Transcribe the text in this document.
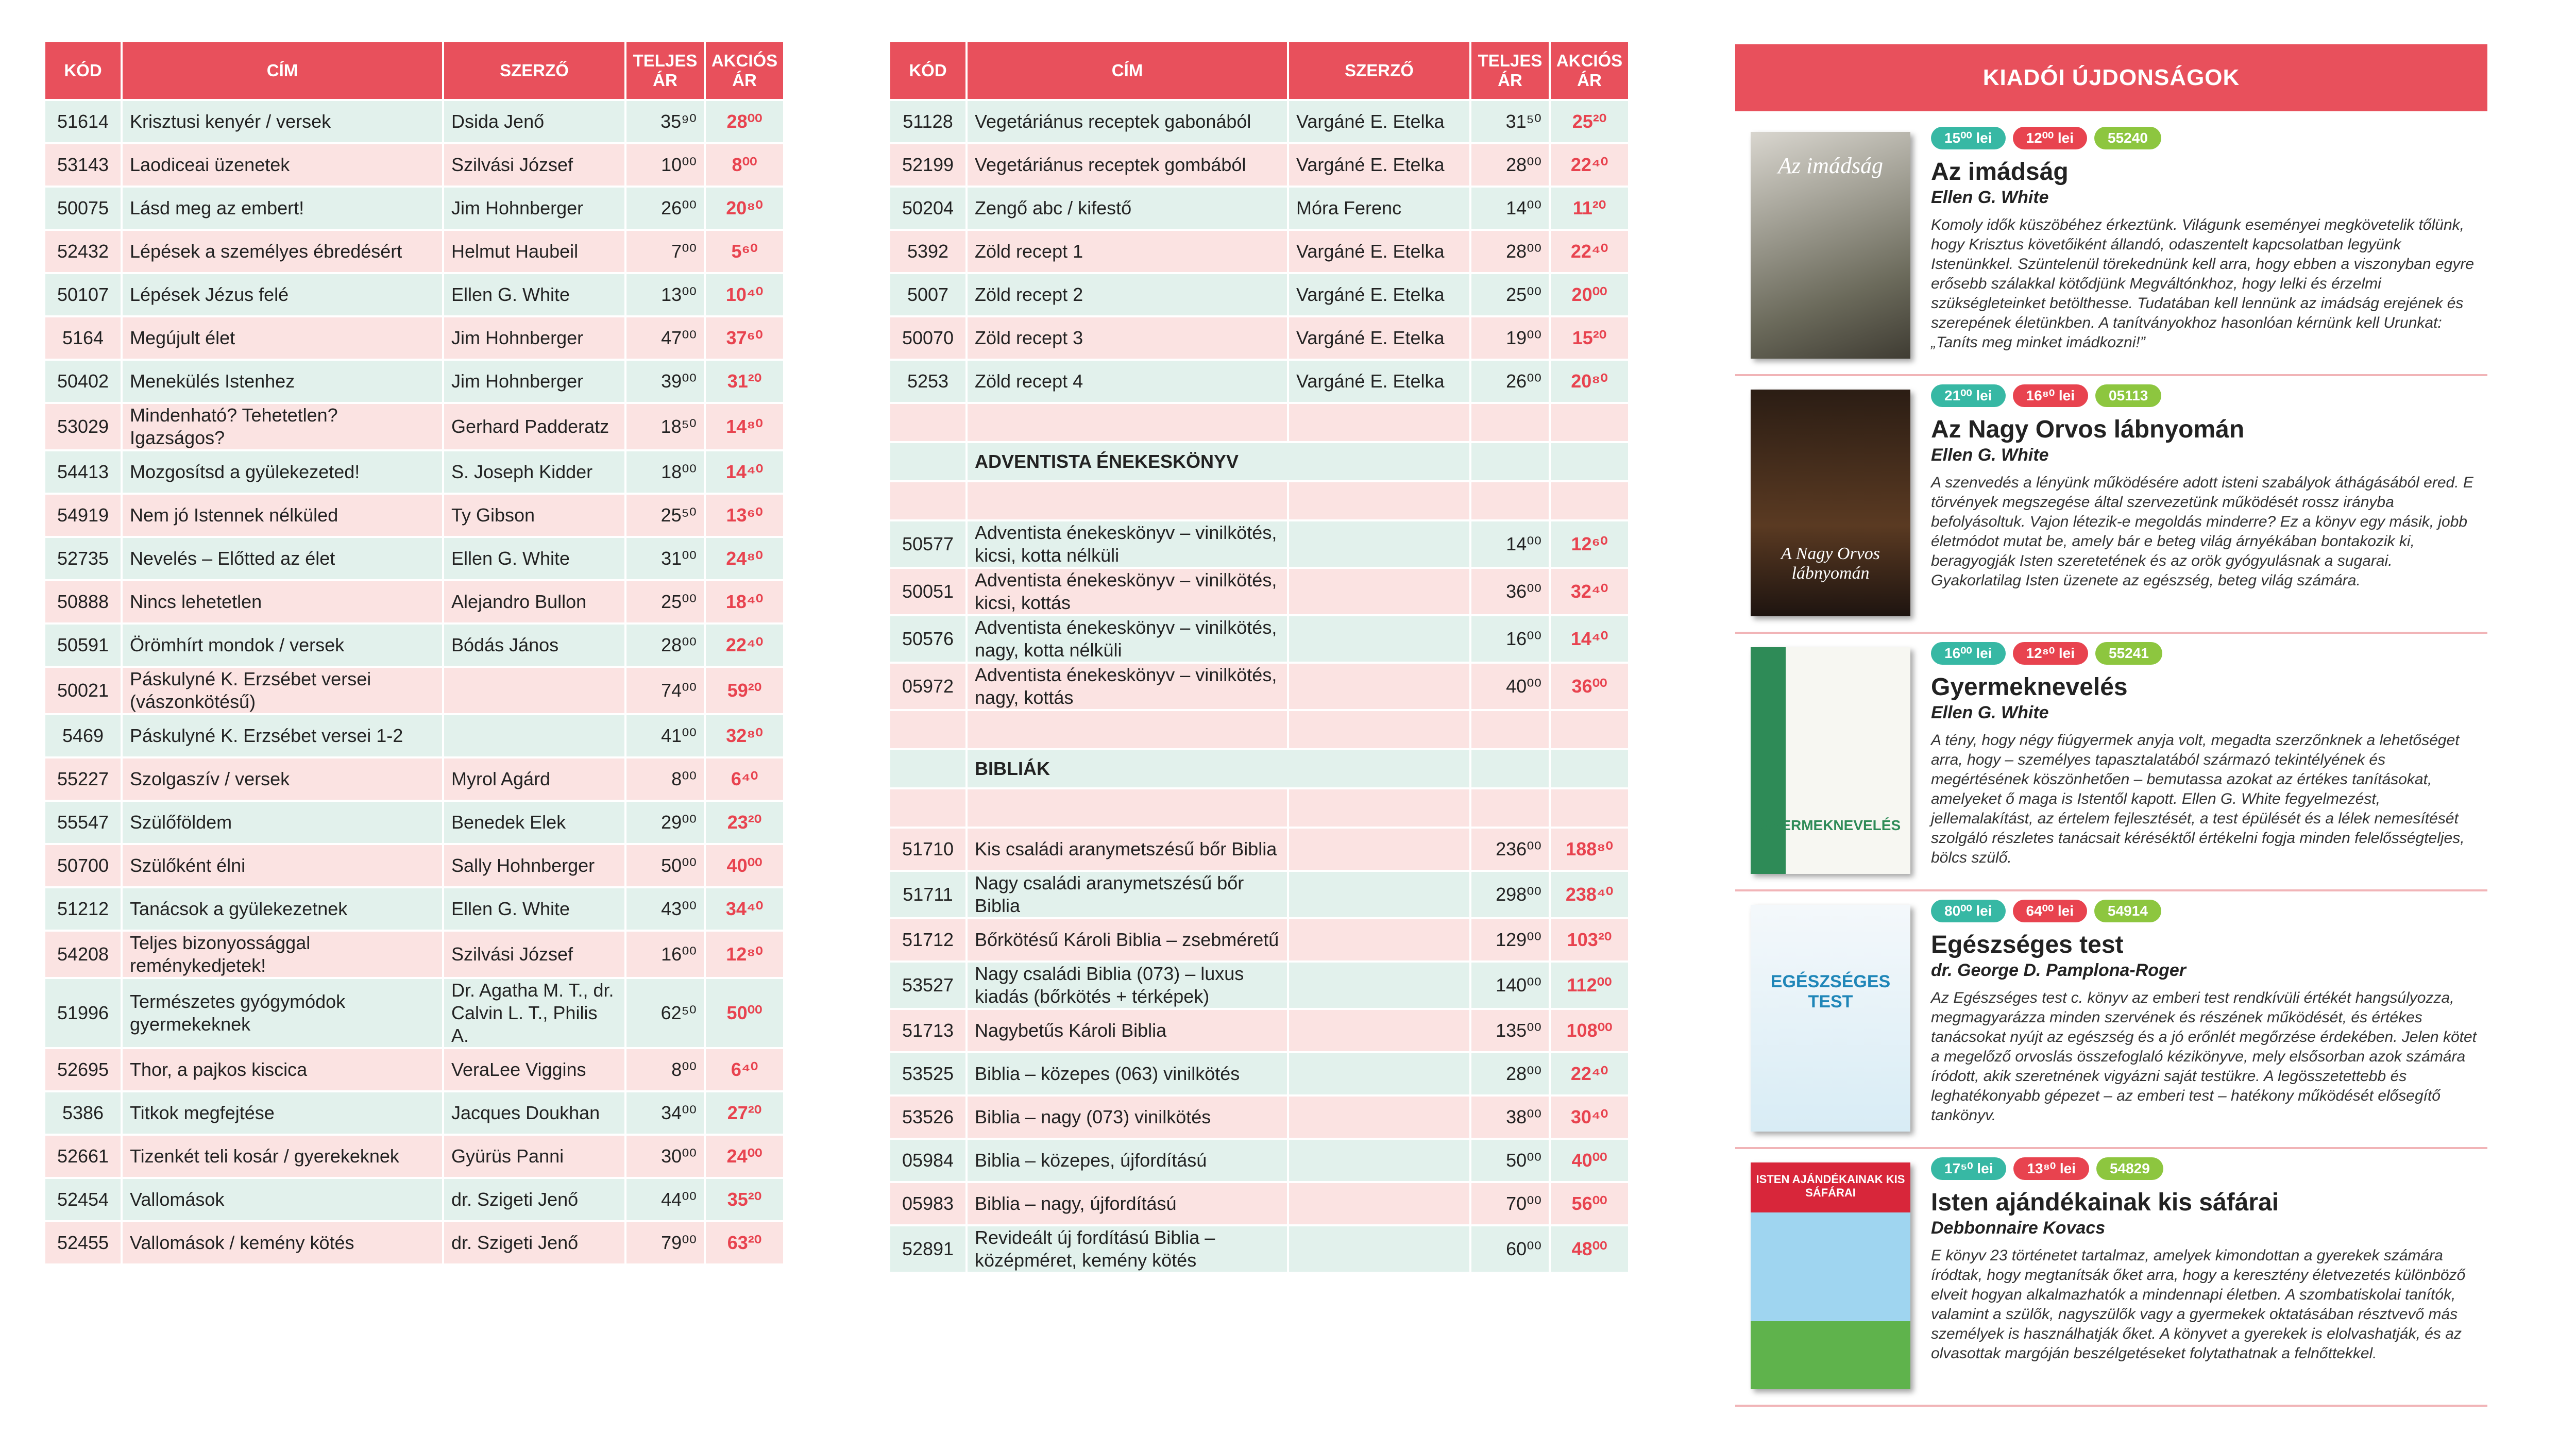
KÓD	CÍM	SZERZŐ	TELJES ÁR	AKCIÓS ÁR
51614	Krisztusi kenyér / versek	Dsida Jenő	35⁹⁰	28⁰⁰
53143	Laodiceai üzenetek	Szilvási József	10⁰⁰	8⁰⁰
50075	Lásd meg az embert!	Jim Hohnberger	26⁰⁰	20⁸⁰
52432	Lépések a személyes ébredésért	Helmut Haubeil	7⁰⁰	5⁶⁰
50107	Lépések Jézus felé	Ellen G. White	13⁰⁰	10⁴⁰
5164	Megújult élet	Jim Hohnberger	47⁰⁰	37⁶⁰
50402	Menekülés Istenhez	Jim Hohnberger	39⁰⁰	31²⁰
53029	Mindenható? Tehetetlen? Igazságos?	Gerhard Padderatz	18⁵⁰	14⁸⁰
54413	Mozgosítsd a gyülekezeted!	S. Joseph Kidder	18⁰⁰	14⁴⁰
54919	Nem jó Istennek nélküled	Ty Gibson	25⁵⁰	13⁶⁰
52735	Nevelés – Előtted az élet	Ellen G. White	31⁰⁰	24⁸⁰
50888	Nincs lehetetlen	Alejandro Bullon	25⁰⁰	18⁴⁰
50591	Örömhírt mondok / versek	Bódás János	28⁰⁰	22⁴⁰
50021	Páskulyné K. Erzsébet versei (vászonkötésű)		74⁰⁰	59²⁰
5469	Páskulyné K. Erzsébet versei 1-2		41⁰⁰	32⁸⁰
55227	Szolgaszív / versek	Myrol Agárd	8⁰⁰	6⁴⁰
55547	Szülőföldem	Benedek Elek	29⁰⁰	23²⁰
50700	Szülőként élni	Sally Hohnberger	50⁰⁰	40⁰⁰
51212	Tanácsok a gyülekezetnek	Ellen G. White	43⁰⁰	34⁴⁰
54208	Teljes bizonyossággal reménykedjetek!	Szilvási József	16⁰⁰	12⁸⁰
51996	Természetes gyógymódok gyermekeknek	Dr. Agatha M. T., dr. Calvin L. T., Philis A.	62⁵⁰	50⁰⁰
52695	Thor, a pajkos kiscica	VeraLee Viggins	8⁰⁰	6⁴⁰
5386	Titkok megfejtése	Jacques Doukhan	34⁰⁰	27²⁰
52661	Tizenkét teli kosár / gyerekeknek	Gyürüs Panni	30⁰⁰	24⁰⁰
52454	Vallomások	dr. Szigeti Jenő	44⁰⁰	35²⁰
52455	Vallomások / kemény kötés	dr. Szigeti Jenő	79⁰⁰	63²⁰
KÓD	CÍM	SZERZŐ	TELJES ÁR	AKCIÓS ÁR
51128	Vegetáriánus receptek gabonából	Vargáné E. Etelka	31⁵⁰	25²⁰
52199	Vegetáriánus receptek gombából	Vargáné E. Etelka	28⁰⁰	22⁴⁰
50204	Zengő abc / kifestő	Móra Ferenc	14⁰⁰	11²⁰
5392	Zöld recept 1	Vargáné E. Etelka	28⁰⁰	22⁴⁰
5007	Zöld recept 2	Vargáné E. Etelka	25⁰⁰	20⁰⁰
50070	Zöld recept 3	Vargáné E. Etelka	19⁰⁰	15²⁰
5253	Zöld recept 4	Vargáné E. Etelka	26⁰⁰	20⁸⁰

	ADVENTISTA ÉNEKESKÖNYV			

50577	Adventista énekeskönyv – vinilkötés, kicsi, kotta nélküli		14⁰⁰	12⁶⁰
50051	Adventista énekeskönyv – vinilkötés, kicsi, kottás		36⁰⁰	32⁴⁰
50576	Adventista énekeskönyv – vinilkötés, nagy, kotta nélküli		16⁰⁰	14⁴⁰
05972	Adventista énekeskönyv – vinilkötés, nagy, kottás		40⁰⁰	36⁰⁰

	BIBLIÁK			

51710	Kis családi aranymetszésű bőr Biblia		236⁰⁰	188⁸⁰
51711	Nagy családi aranymetszésű bőr Biblia		298⁰⁰	238⁴⁰
51712	Bőrkötésű Károli Biblia – zsebméretű		129⁰⁰	103²⁰
53527	Nagy családi Biblia (073) – luxus kiadás (bőrkötés + térképek)		140⁰⁰	112⁰⁰
51713	Nagybetűs Károli Biblia		135⁰⁰	108⁰⁰
53525	Biblia – közepes (063) vinilkötés		28⁰⁰	22⁴⁰
53526	Biblia – nagy (073) vinilkötés		38⁰⁰	30⁴⁰
05984	Biblia – közepes, újfordítású		50⁰⁰	40⁰⁰
05983	Biblia – nagy, újfordítású		70⁰⁰	56⁰⁰
52891	Revideált új fordítású Biblia – középméret, kemény kötés		60⁰⁰	48⁰⁰
KIADÓI ÚJDONSÁGOK
Az imádság
15⁰⁰ lei 12⁰⁰ lei 55240
Az imádság
Ellen G. White
Komoly idők küszöbéhez érkeztünk. Világunk eseményei megkövetelik tőlünk, hogy Krisztus követőiként állandó, odaszentelt kapcsolatban legyünk Istenünkkel. Szüntelenül törekednünk kell arra, hogy ebben a viszonyban egyre erősebb szálakkal kötődjünk Megváltónkhoz, hogy lelki és érzelmi szükségleteinket betölthesse. Tudatában kell lennünk az imádság erejének és szerepének életünkben. A tanítványokhoz hasonlóan kérnünk kell Urunkat: „Taníts meg minket imádkozni!”
A Nagy Orvos lábnyomán
21⁰⁰ lei 16⁸⁰ lei 05113
Az Nagy Orvos lábnyomán
Ellen G. White
A szenvedés a lényünk működésére adott isteni szabályok áthágásából ered. E törvények megszegése által szervezetünk működését rossz irányba befolyásoltuk. Vajon létezik-e megoldás minderre? Ez a könyv egy másik, jobb életmódot mutat be, amely bár e beteg világ árnyékában bontakozik ki, beragyogják Isten szeretetének és az orök gyógyulásnak a sugarai. Gyakorlatilag Isten üzenete az egészség, beteg világ számára.
GYERMEKNEVELÉS
16⁰⁰ lei 12⁸⁰ lei 55241
Gyermeknevelés
Ellen G. White
A tény, hogy négy fiúgyermek anyja volt, megadta szerzőnknek a lehetőséget arra, hogy – személyes tapasztalatából származó tekintélyének és megértésének köszönhetően – bemutassa azokat az értékes tanításokat, amelyeket ő maga is Istentől kapott. Ellen G. White fegyelmezést, jellemalakítást, az értelem fejlesztését, a test épülését és a lélek nemesítését szolgáló részletes tanácsait kéréséktől értékelni fogja minden felelősségteljes, bölcs szülő.
EGÉSZSÉGES TEST
80⁰⁰ lei 64⁰⁰ lei 54914
Egészséges test
dr. George D. Pamplona-Roger
Az Egészséges test c. könyv az emberi test rendkívüli értékét hangsúlyozza, megmagyarázza minden szervének és részének működését, és értékes tanácsokat nyújt az egészség és a jó erőnlét megőrzése érdekében. Jelen kötet a megelőző orvoslás összefoglaló kézikönyve, mely elsősorban azok számára íródott, akik szeretnének vigyázni saját testükre. A legösszetettebb és leghatékonyabb gépezet – az emberi test – hatékony működését elősegítő tankönyv.
ISTEN AJÁNDÉKAINAK KIS SÁFÁRAI
17⁵⁰ lei 13⁸⁰ lei 54829
Isten ajándékainak kis sáfárai
Debbonnaire Kovacs
E könyv 23 történetet tartalmaz, amelyek kimondottan a gyerekek számára íródtak, hogy megtanítsák őket arra, hogy a keresztény életvezetés különböző elveit hogyan alkalmazhatók a mindennapi életben. A szombatiskolai tanítók, valamint a szülők, nagyszülők vagy a gyermekek oktatásában résztvevő más személyek is használhatják őket. A könyvet a gyerekek is elolvashatják, és az olvasottak margóján beszélgetéseket folytathatnak a felnőttekkel.
